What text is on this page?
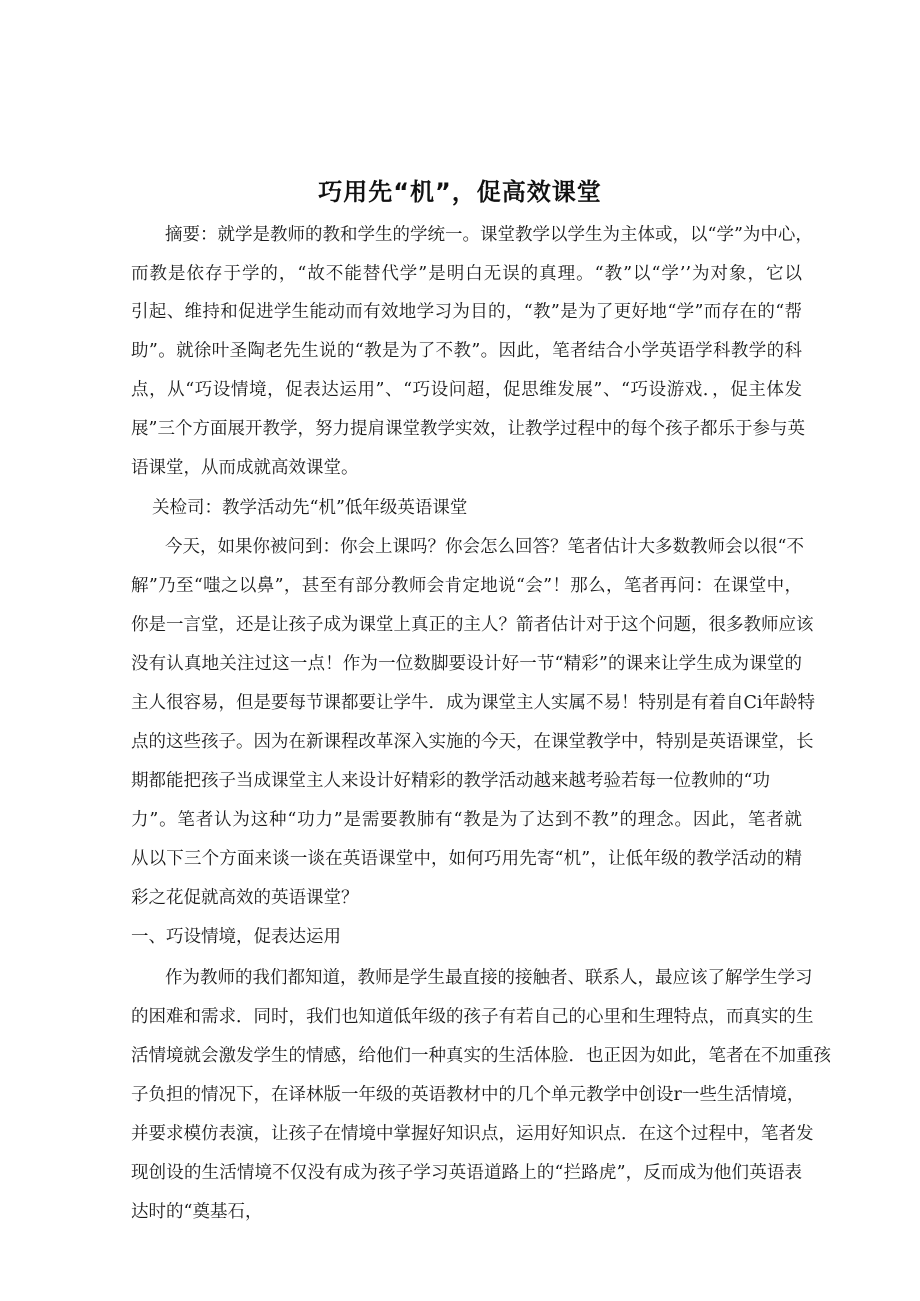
巧用先“机”，促高效课堂
摘要：就学是教师的教和学生的学统一。课堂教学以学生为主体或，以“学”为中心，
而教是依存于学的，“故不能替代学”是明白无误的真理。“教”以“学’’为对象，它以
引起、维持和促进学生能动而有效地学习为目的，“教”是为了更好地“学”而存在的“帮
助”。就徐叶圣陶老先生说的“教是为了不教”。因此，笔者结合小学英语学科教学的科
点，从“巧设情境，促表达运用”、“巧设问超，促思维发展”、“巧设游戏．，促主体发
展”三个方面展开教学，努力提肩课堂教学实效，让教学过程中的每个孩子都乐于参与英
语课堂，从而成就高效课堂。
关检司：教学活动先“机”低年级英语课堂
今天，如果你被问到：你会上课吗？你会怎么回答？笔者估计大多数教师会以很“不
解”乃至“嗤之以鼻”，甚至有部分教师会肯定地说“会”！那么，笔者再问：在课堂中，
你是一言堂，还是让孩子成为课堂上真正的主人？箭者估计对于这个问题，很多教师应该
没有认真地关注过这一点！作为一位数脚要设计好一节“精彩”的课来让学生成为课堂的
主人很容易，但是要每节课都要让学牛．成为课堂主人实属不易！特别是有着自Ci年龄特
点的这些孩子。因为在新课程改革深入实施的今天，在课堂教学中，特别是英语课堂，长
期都能把孩子当成课堂主人来设计好精彩的教学活动越来越考验若每一位教帅的“功
力”。笔者认为这种“功力”是需要教肺有“教是为了达到不教”的理念。因此，笔者就
从以下三个方面来谈一谈在英语课堂中，如何巧用先寄“机”，让低年级的教学活动的精
彩之花促就高效的英语课堂？
一、巧设情境，促表达运用
作为教师的我们都知道，教师是学生最直接的接触者、联系人，最应该了解学生学习
的困难和需求．同时，我们也知道低年级的孩子有若自己的心里和生理特点，而真实的生
活情境就会激发学生的情感，给他们一种真实的生活体脸．也正因为如此，笔者在不加重孩
子负担的情况下，在译林版一年级的英语教材中的几个单元教学中创设r一些生活情境，
并要求模仿表演，让孩子在情境中掌握好知识点，运用好知识点．在这个过程中，笔者发
现创设的生活情境不仅没有成为孩子学习英语道路上的“拦路虎”，反而成为他们英语表
达时的“奠基石，
